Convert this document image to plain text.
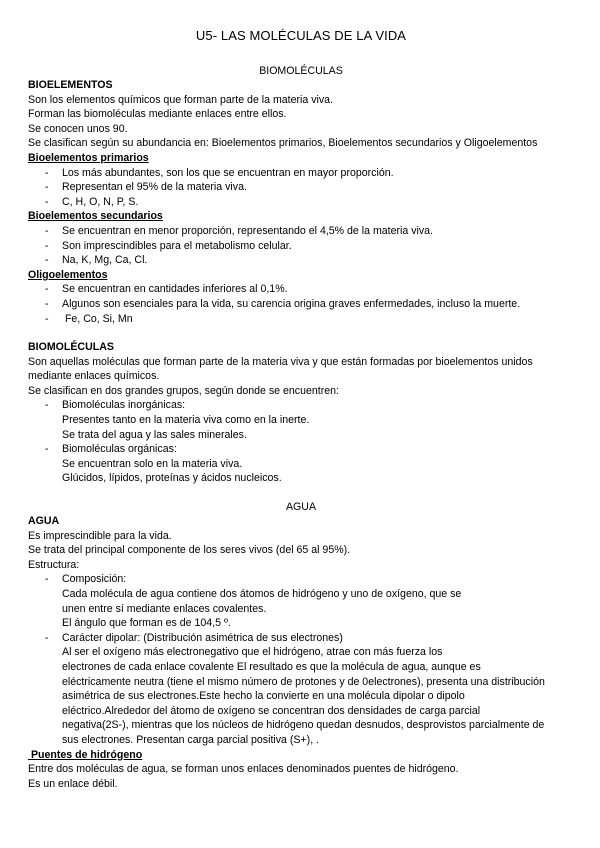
U5- LAS MOLÉCULAS DE LA VIDA

BIOMOLÉCULAS

BIOELEMENTOS

Son los elementos químicos que forman parte de la materia viva.

Forman las biomoléculas mediante enlaces entre ellos.

Se conocen unos 90.

Se clasifican según su abundancia en: Bioelementos primarios, Bioelementos secundarios y Oligoelementos

Bioelementos primarios

- Los más abundantes, son los que se encuentran en mayor proporción.
- Representan el 95% de la materia viva.
- C, H, O, N, P, S.

Bioelementos secundarios

- Se encuentran en menor proporción, representando el 4,5% de la materia viva.
- Son imprescindibles para el metabolismo celular.
- Na, K, Mg, Ca, Cl.

Oligoelementos

- Se encuentran en cantidades inferiores al 0,1%.
- Algunos son esenciales para la vida, su carencia origina graves enfermedades, incluso la muerte.
-  Fe, Co, Si, Mn

BIOMOLÉCULAS

Son aquellas moléculas que forman parte de la materia viva y que están formadas por bioelementos unidos mediante enlaces químicos.

Se clasifican en dos grandes grupos, según donde se encuentren:

- Biomoléculas inorgánicas:
Presentes tanto en la materia viva como en la inerte.
Se trata del agua y las sales minerales.
- Biomoléculas orgánicas:
Se encuentran solo en la materia viva.
Glúcidos, lípidos, proteínas y ácidos nucleicos.

AGUA

AGUA

Es imprescindible para la vida.

Se trata del principal componente de los seres vivos (del 65 al 95%).

Estructura:

- Composición:
Cada molécula de agua contiene dos átomos de hidrógeno y uno de oxígeno, que se
unen entre sí mediante enlaces covalentes.
El ángulo que forman es de 104,5 º.
- Carácter dipolar: (Distribución asimétrica de sus electrones)
Al ser el oxígeno más electronegativo que el hidrógeno, atrae con más fuerza los
electrones de cada enlace covalente El resultado es que la molécula de agua, aunque es
eléctricamente neutra (tiene el mismo número de protones y de 0electrones), presenta una distribución
asimétrica de sus electrones.Este hecho la convierte en una molécula dipolar o dipolo
eléctrico.Alrededor del átomo de oxígeno se concentran dos densidades de carga parcial
negativa(2S-), mientras que los núcleos de hidrógeno quedan desnudos, desprovistos parcialmente de
sus electrones. Presentan carga parcial positiva (S+), .

Puentes de hidrógeno

Entre dos moléculas de agua, se forman unos enlaces denominados puentes de hidrógeno.

Es un enlace débil.
